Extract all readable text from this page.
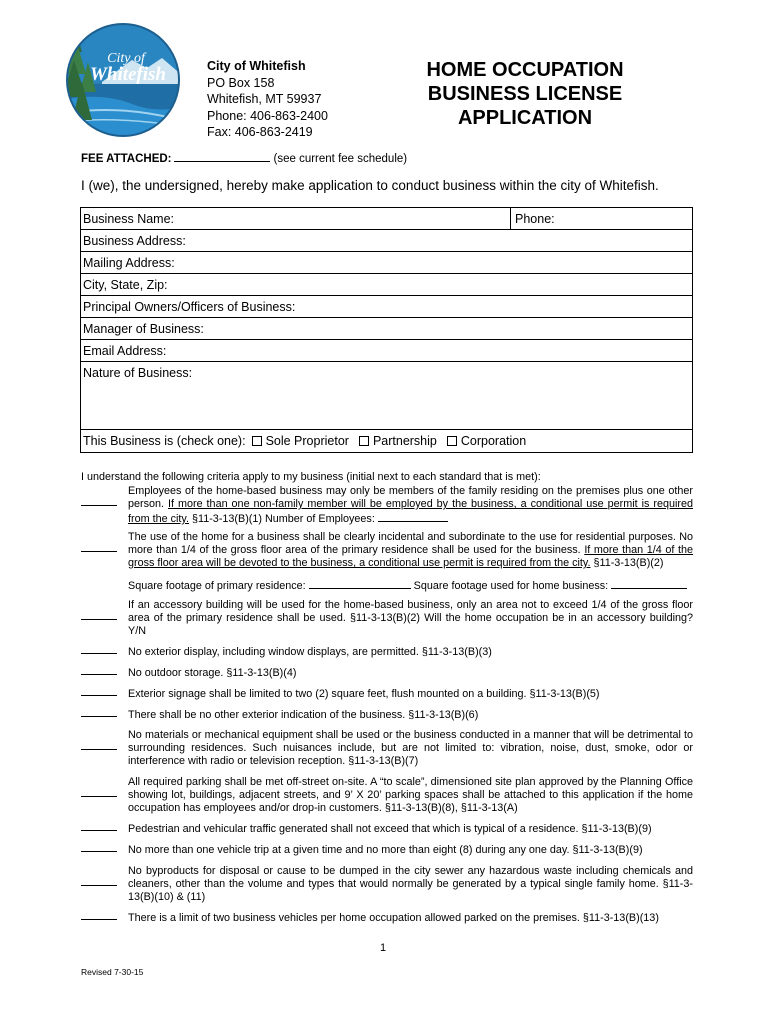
City of
Whitefish	City of Whitefish
PO Box 158
Whitefish, MT 59937
Phone: 406-863-2400
Fax: 406-863-2419
HOME OCCUPATION
BUSINESS LICENSE
APPLICATION
FEE ATTACHED:	(see current fee schedule)
I (we), the undersigned, hereby make application to conduct business within the city of Whitefish.
Business Name:	Phone:
Business Address:
Mailing Address:
City, State, Zip:
Principal Owners/Officers of Business:
Manager of Business:
Email Address:
Nature of Business:
This Business is (check one): Sole Proprietor Partnership Corporation
I understand the following criteria apply to my business (initial next to each standard that is met):
Employees of the home-based business may only be members of the family residing on the premises plus one other person. If more than one non-family member will be employed by the business, a conditional use permit is required from the city. §11-3-13(B)(1) Number of Employees:
The use of the home for a business shall be clearly incidental and subordinate to the use for residential purposes. No more than 1/4 of the gross floor area of the primary residence shall be used for the business. If more than 1/4 of the gross floor area will be devoted to the business, a conditional use permit is required from the city. §11-3-13(B)(2)
Square footage of primary residence:	Square footage used for home business:
If an accessory building will be used for the home-based business, only an area not to exceed 1/4 of the gross floor area of the primary residence shall be used. §11-3-13(B)(2) Will the home occupation be in an accessory building? Y/N
No exterior display, including window displays, are permitted. §11-3-13(B)(3)
No outdoor storage. §11-3-13(B)(4)
Exterior signage shall be limited to two (2) square feet, flush mounted on a building. §11-3-13(B)(5)
There shall be no other exterior indication of the business. §11-3-13(B)(6)
No materials or mechanical equipment shall be used or the business conducted in a manner that will be detrimental to surrounding residences. Such nuisances include, but are not limited to: vibration, noise, dust, smoke, odor or interference with radio or television reception. §11-3-13(B)(7)
All required parking shall be met off-street on-site. A “to scale”, dimensioned site plan approved by the Planning Office showing lot, buildings, adjacent streets, and 9’ X 20’ parking spaces shall be attached to this application if the home occupation has employees and/or drop-in customers. §11-3-13(B)(8), §11-3-13(A)
Pedestrian and vehicular traffic generated shall not exceed that which is typical of a residence. §11-3-13(B)(9)
No more than one vehicle trip at a given time and no more than eight (8) during any one day. §11-3-13(B)(9)
No byproducts for disposal or cause to be dumped in the city sewer any hazardous waste including chemicals and cleaners, other than the volume and types that would normally be generated by a typical single family home. §11-3-13(B)(10) & (11)
There is a limit of two business vehicles per home occupation allowed parked on the premises. §11-3-13(B)(13)
1
Revised 7-30-15
